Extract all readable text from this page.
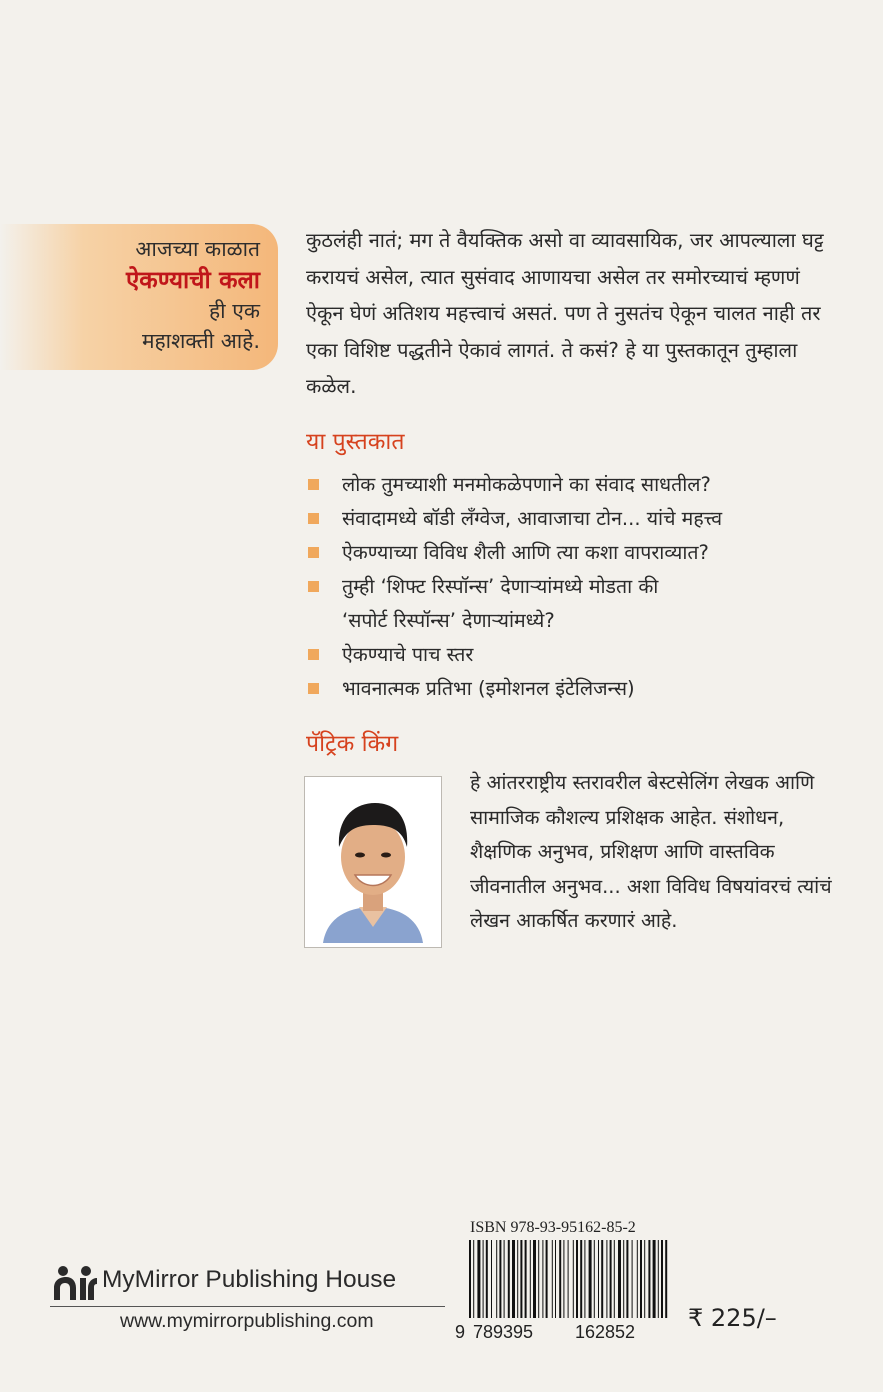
आजच्या काळात
ऐकण्याची कला
ही एक
महाशक्ती आहे.
कुठलंही नातं; मग ते वैयक्तिक असो वा व्यावसायिक, जर आपल्याला घट्ट करायचं असेल, त्यात सुसंवाद आणायचा असेल तर समोरच्याचं म्हणणं ऐकून घेणं अतिशय महत्त्वाचं असतं. पण ते नुसतंच ऐकून चालत नाही तर एका विशिष्ट पद्धतीने ऐकावं लागतं. ते कसं? हे या पुस्तकातून तुम्हाला कळेल.
या पुस्तकात
लोक तुमच्याशी मनमोकळेपणाने का संवाद साधतील?
संवादामध्ये बॉडी लँग्वेज, आवाजाचा टोन... यांचे महत्त्व
ऐकण्याच्या विविध शैली आणि त्या कशा वापराव्यात?
तुम्ही ‘शिफ्ट रिस्पॉन्स’ देणाऱ्यांमध्ये मोडता की ‘सपोर्ट रिस्पॉन्स’ देणाऱ्यांमध्ये?
ऐकण्याचे पाच स्तर
भावनात्मक प्रतिभा (इमोशनल इंटेलिजन्स)
पॅट्रिक किंग
हे आंतरराष्ट्रीय स्तरावरील बेस्टसेलिंग लेखक आणि सामाजिक कौशल्य प्रशिक्षक आहेत. संशोधन, शैक्षणिक अनुभव, प्रशिक्षण आणि वास्तविक जीवनातील अनुभव... अशा विविध विषयांवरचं त्यांचं लेखन आकर्षित करणारं आहे.
MyMirror Publishing House
www.mymirrorpublishing.com
ISBN 978-93-95162-85-2
9 789395 162852 ₹ 225/–
